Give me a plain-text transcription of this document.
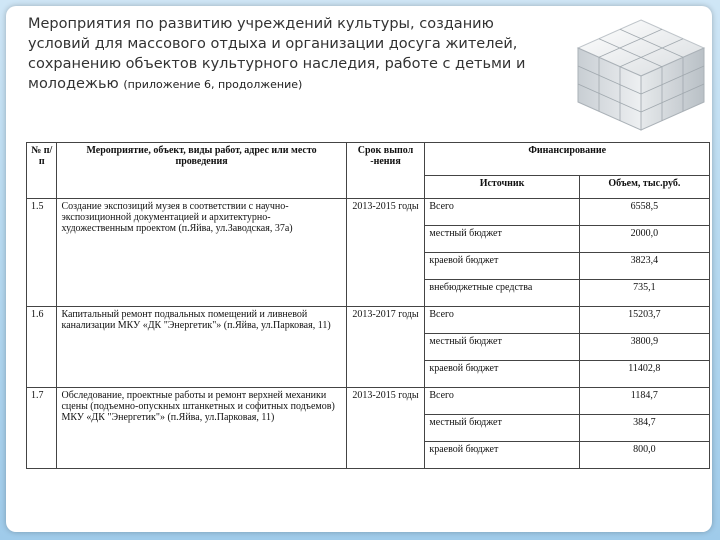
Мероприятия по развитию учреждений культуры, созданию условий для массового отдыха и организации досуга жителей, сохранению объектов культурного наследия, работе с детьми и молодежью (приложение 6, продолжение)
№ п/п	Мероприятие, объект, виды работ, адрес или место проведения	Срок выпол -нения	Финансирование	
			Источник	Объем, тыс.руб.
1.5	Создание экспозиций музея в соответствии с научно-экспозиционной документацией и архитектурно-художественным проектом (п.Яйва, ул.Заводская, 37а)	2013-2015 годы	Всего	6558,5
			местный бюджет	2000,0
			краевой бюджет	3823,4
			внебюджетные средства	735,1
1.6	Капитальный ремонт подвальных помещений и ливневой канализации МКУ «ДК "Энергетик"» (п.Яйва, ул.Парковая, 11)	2013-2017 годы	Всего	15203,7
			местный бюджет	3800,9
			краевой бюджет	11402,8
1.7	Обследование, проектные работы и ремонт верхней механики сцены (подъемно-опускных штанкетных и софитных подъемов) МКУ «ДК "Энергетик"» (п.Яйва, ул.Парковая, 11)	2013-2015 годы	Всего	1184,7
			местный бюджет	384,7
			краевой бюджет	800,0
